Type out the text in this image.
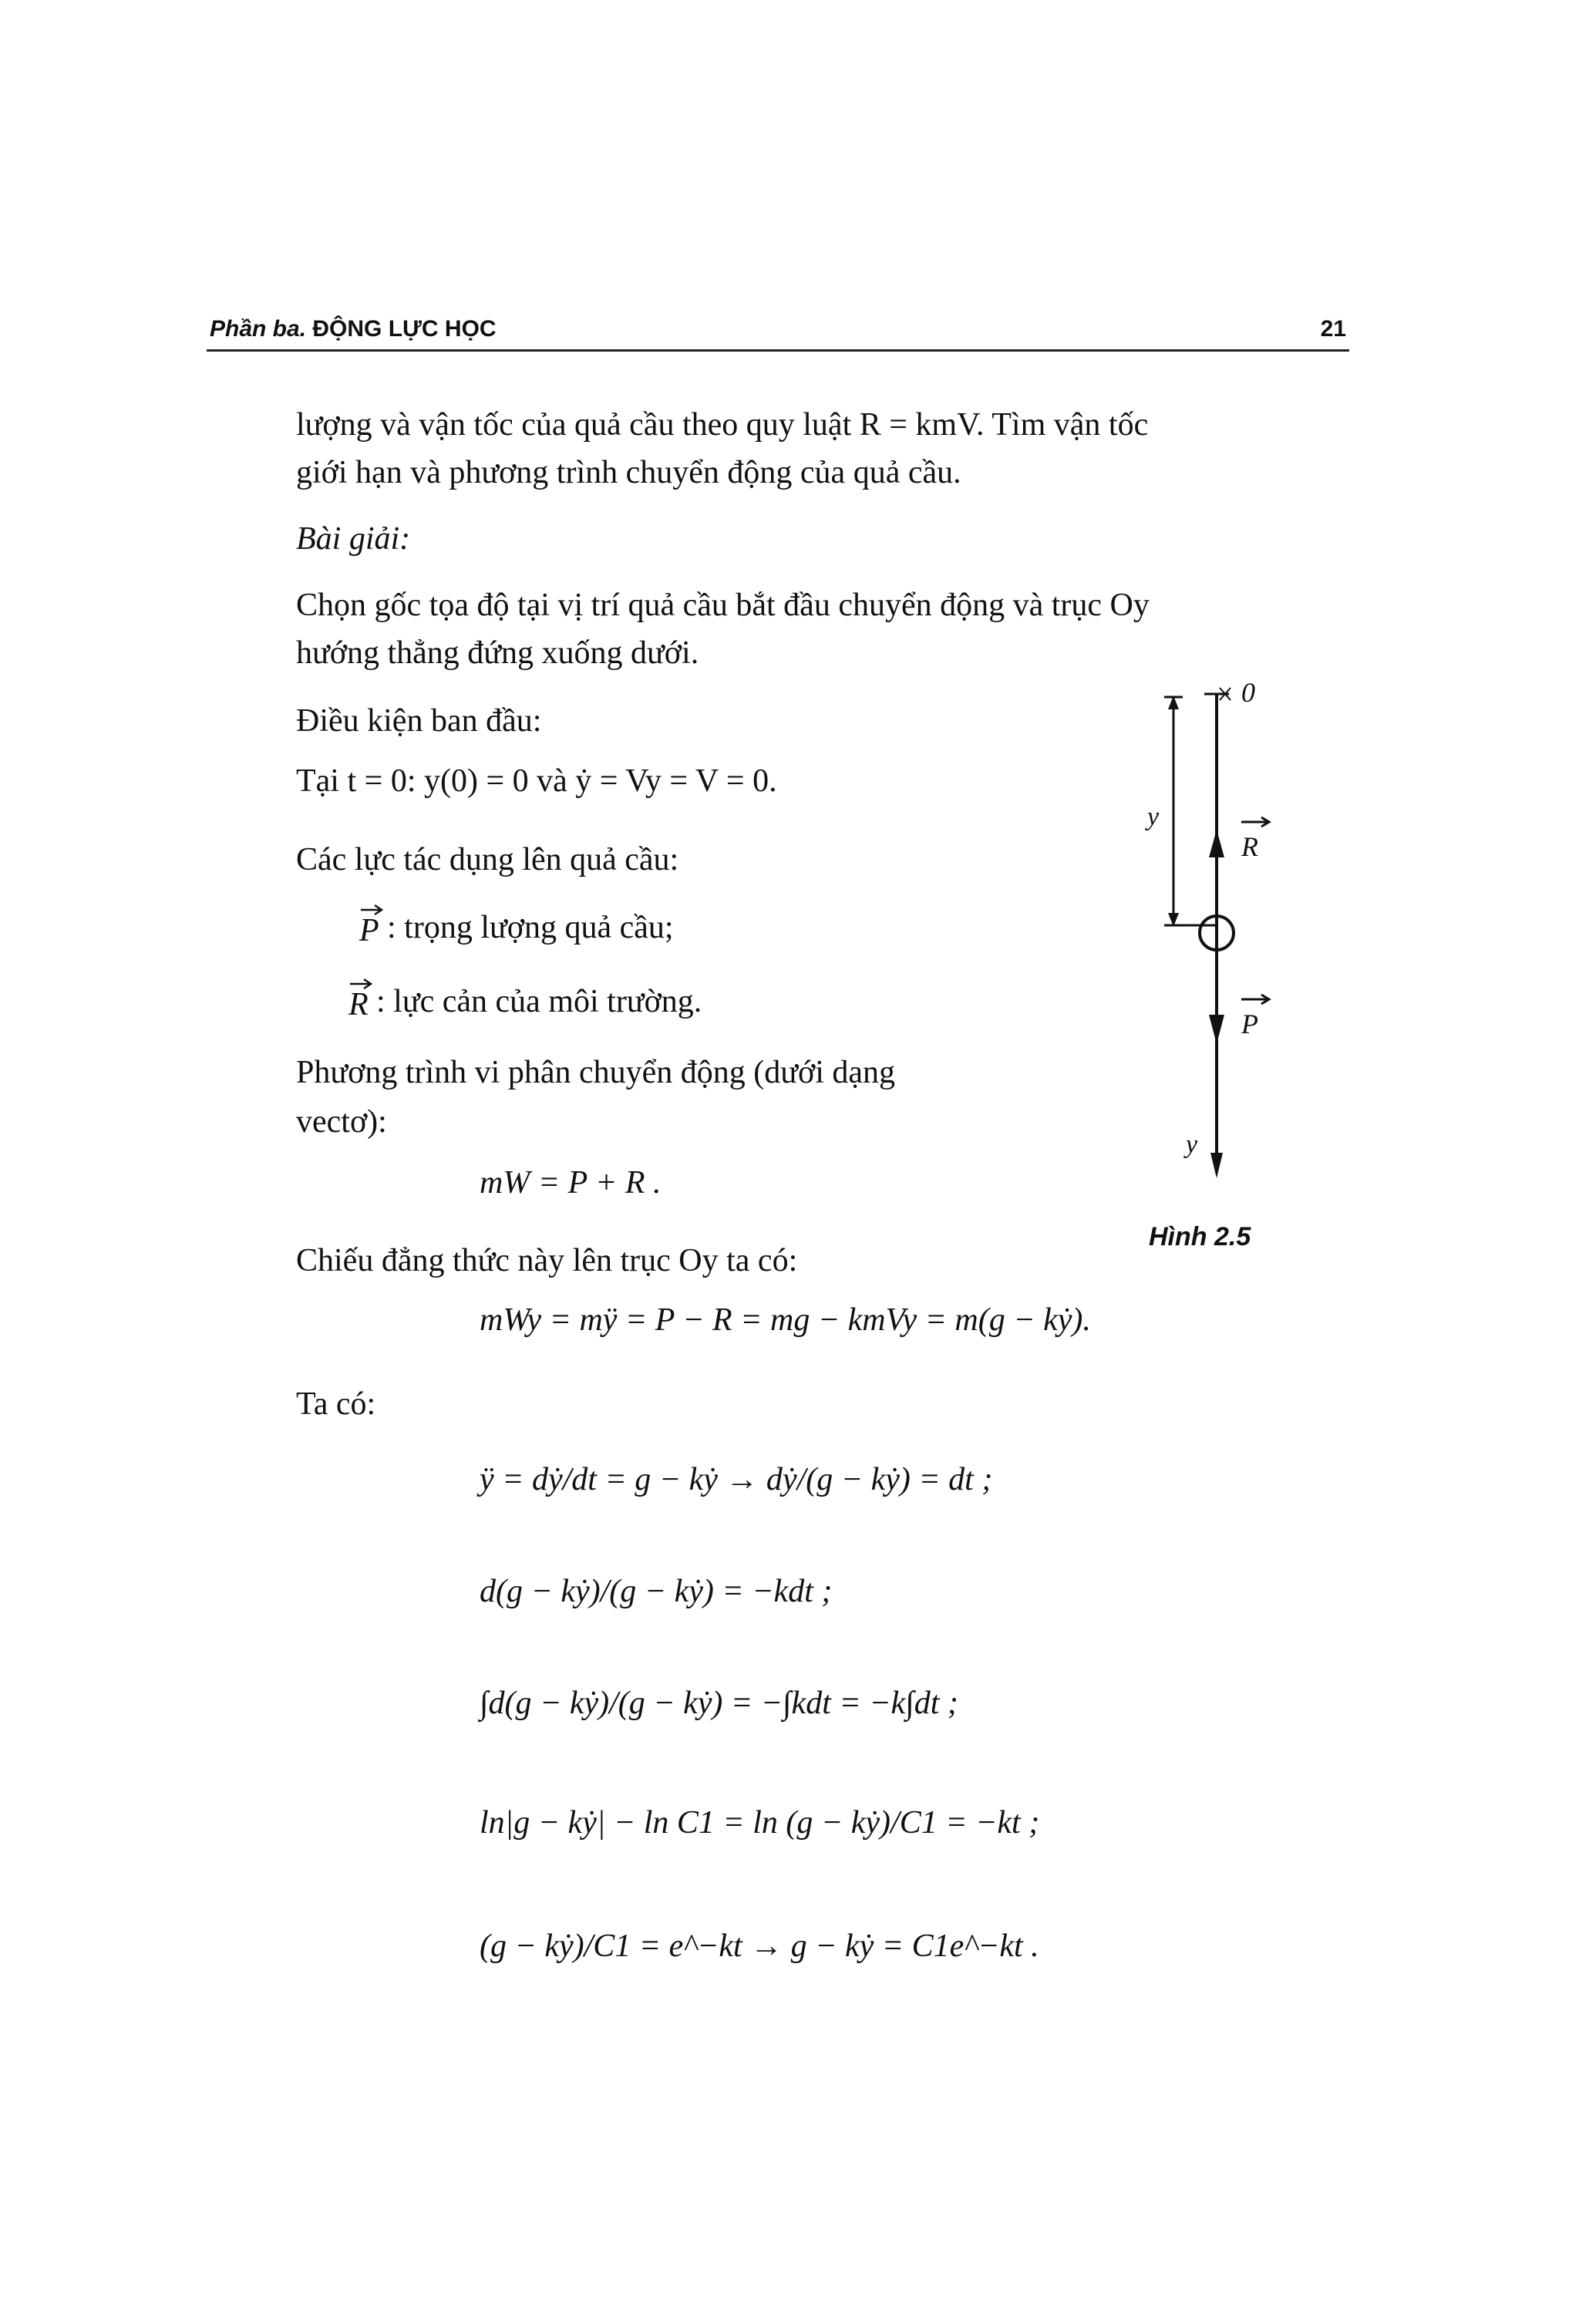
Phần ba. ĐỘNG LỰC HỌC	21
lượng và vận tốc của quả cầu theo quy luật R = kmV. Tìm vận tốc
giới hạn và phương trình chuyển động của quả cầu.
Bài giải:
Chọn gốc tọa độ tại vị trí quả cầu bắt đầu chuyển động và trục Oy
hướng thẳng đứng xuống dưới.
Điều kiện ban đầu:
Tại t = 0: y(0) = 0 và ẏ = Vy = V = 0.
Các lực tác dụng lên quả cầu:
P : trọng lượng quả cầu;
R : lực cản của môi trường.
Phương trình vi phân chuyển động (dưới dạng
vectơ):
mW = P + R .
Chiếu đẳng thức này lên trục Oy ta có:
mWy = mÿ = P − R = mg − kmVy = m(g − kẏ).
Ta có:
ÿ = dẏ/dt = g − kẏ → dẏ/(g − kẏ) = dt ;
d(g − kẏ)/(g − kẏ) = −kdt ;
∫d(g − kẏ)/(g − kẏ) = −∫kdt = −k∫dt ;
ln|g − kẏ| − ln C1 = ln (g − kẏ)/C1 = −kt ;
(g − kẏ)/C1 = e^−kt → g − kẏ = C1e^−kt .
0
y
R
P
y
Hình 2.5
